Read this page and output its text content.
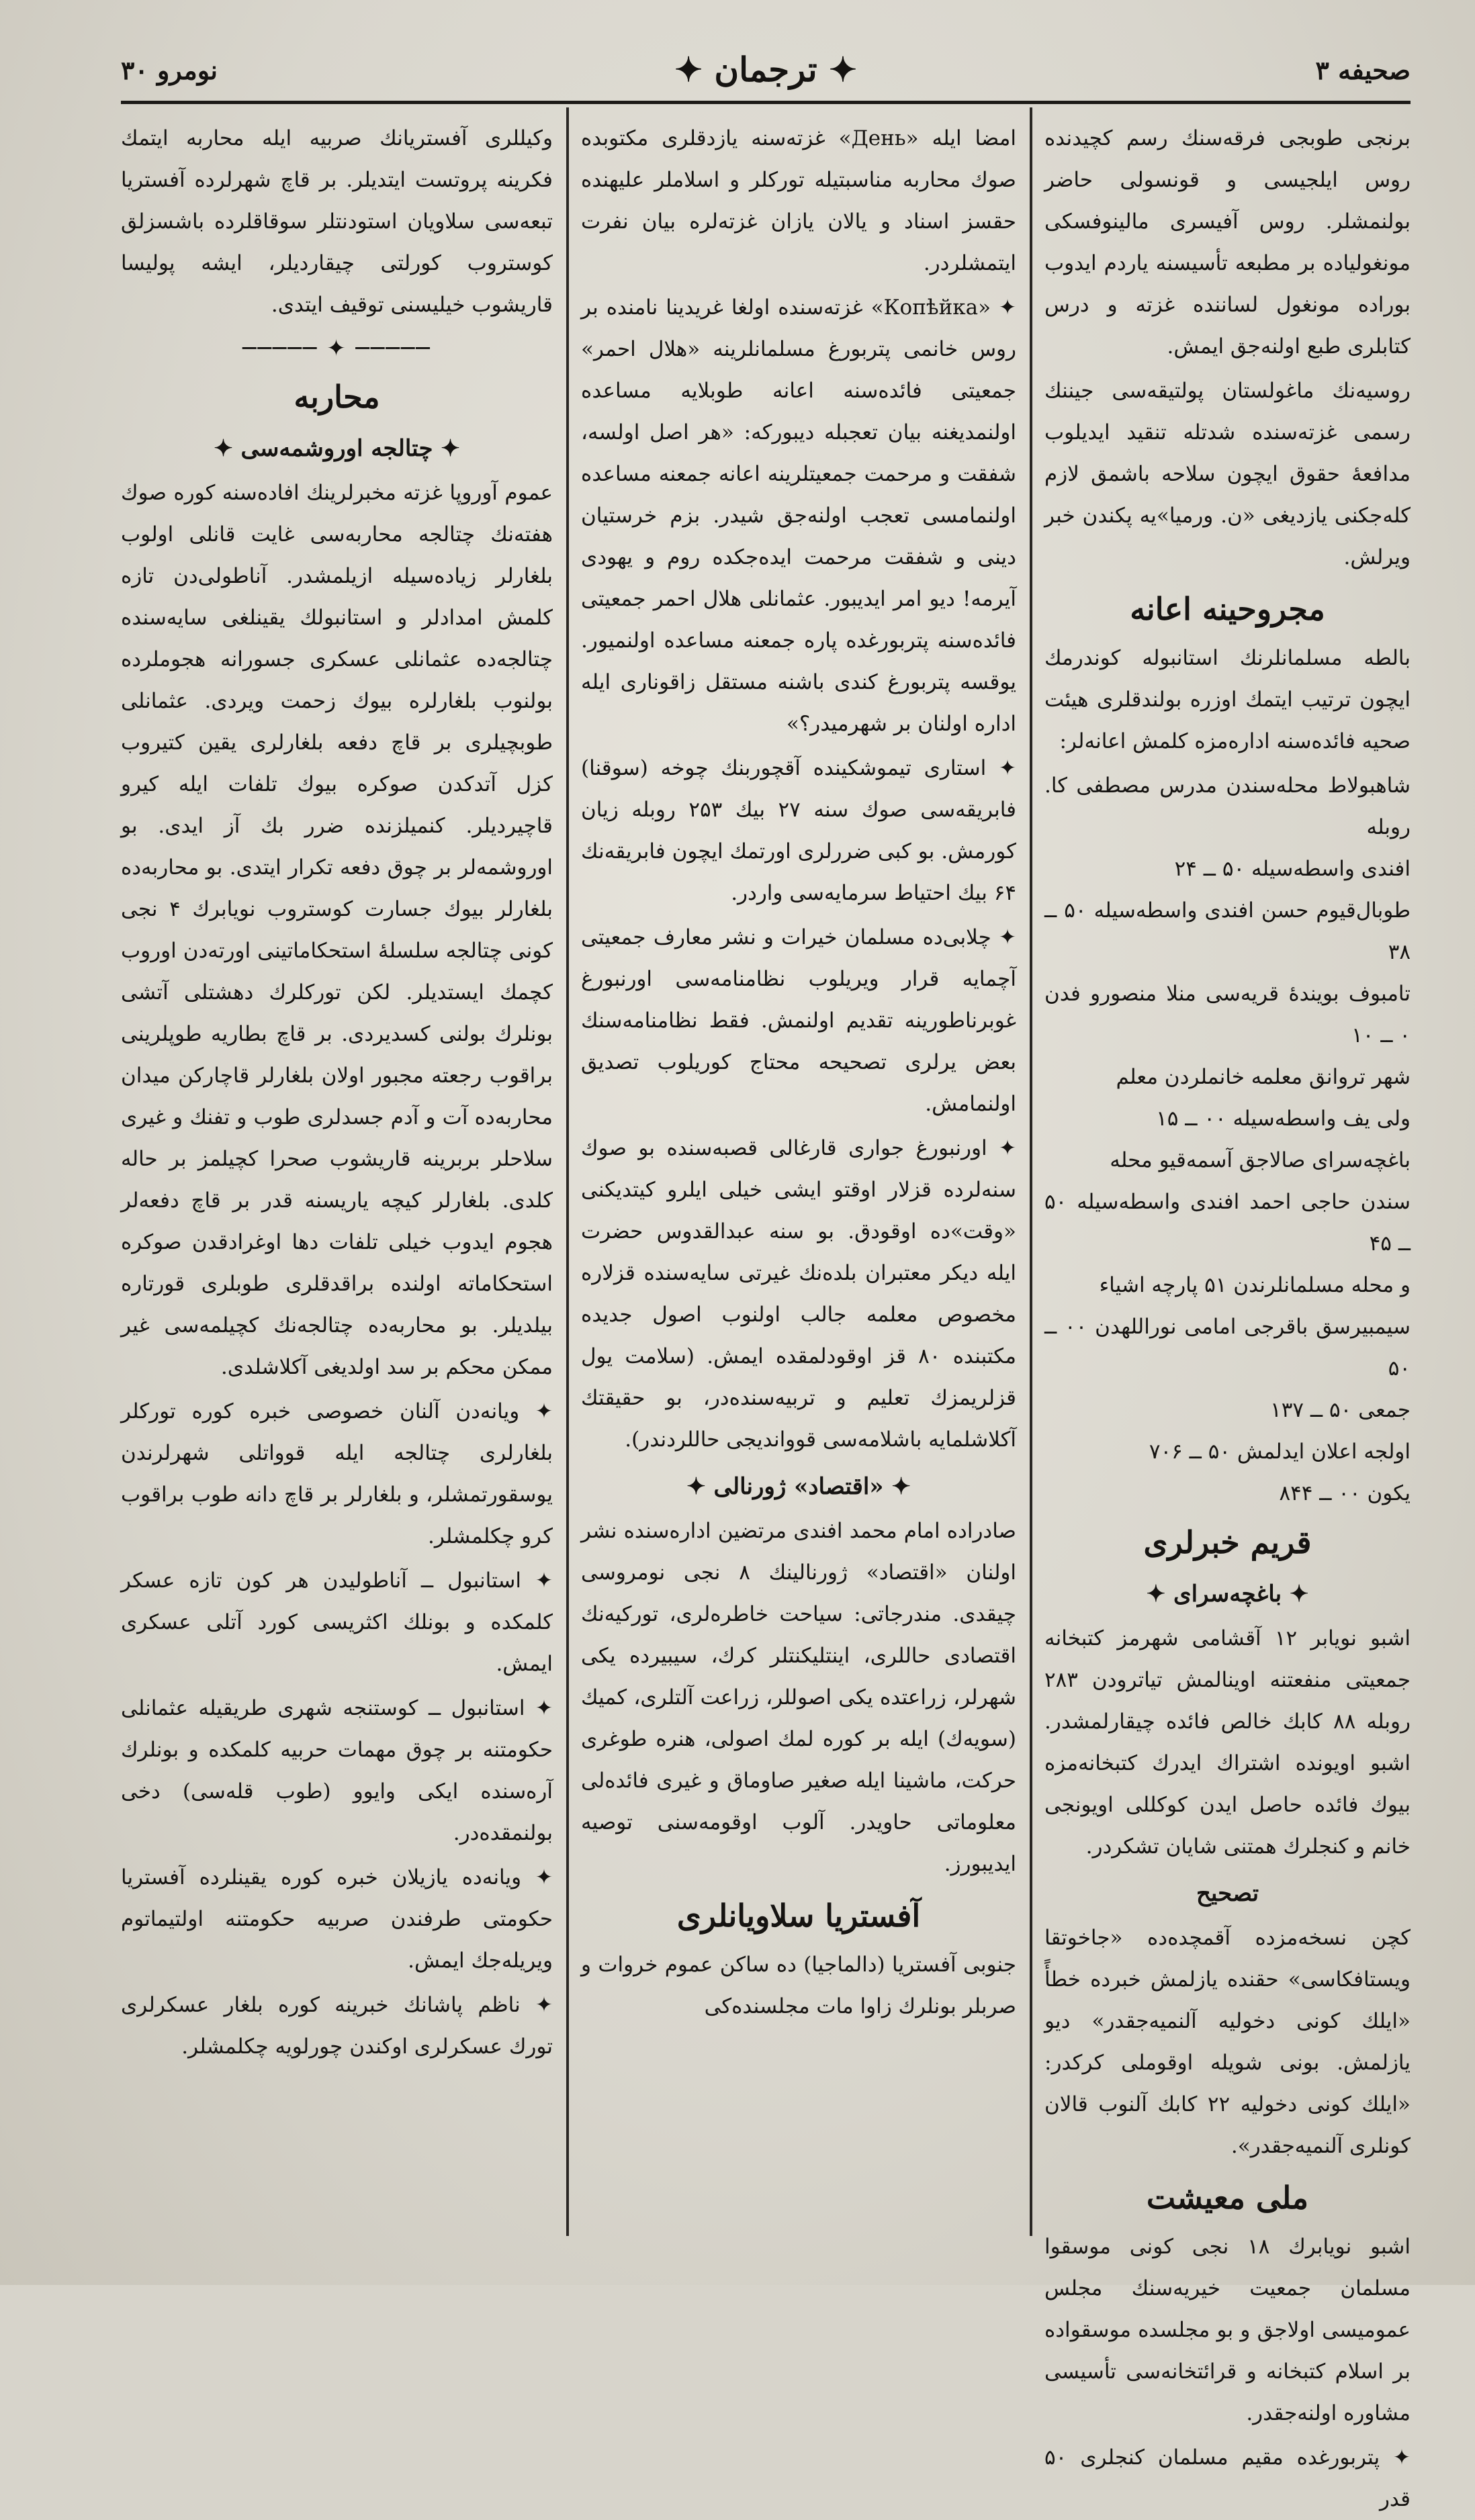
صحیفه ۳
✦ ترجمان ✦
نومرو ۳۰

برنجی طوبجی فرقەسنك رسم کچیدنده روس ایلجیسی و قونسولی حاضر بولنمشلر. روس آفیسری مالینوفسکی مونغولیاده بر مطبعه تأسیسنه یاردم ایدوب بوراده مونغول لساننده غزته و درس کتابلری طبع اولنەجق ایمش.

روسیەنك ماغولستان پولتیقەسی جیننك رسمی غزته‌سنده شدتله تنقید ایدیلوب مدافعهٔ حقوق ایچون سلاحه باشمق لازم کلەجکنی یازدیغی «ن. ورمیا»یه پکندن خبر ویرلش.

مجروحینه اعانه

بالطه مسلمانلرنك استانبوله کوندرمك ایچون ترتیب ایتمك اوزره بولندقلری هیئت صحیه فائده‌سنه اداره‌مزه کلمش اعانه‌لر:

شاهبولاط محله‌سندن مدرس مصطفی کا. روبله
افندی واسطه‌سیله ۵۰ ــ ۲۴
طوبال‌قیوم حسن افندی واسطه‌سیله ۵۰ ــ ۳۸
تامبوف بویندهٔ قریه‌سی منلا منصورو فدن ۰ ــ ۱۰
شهر تروانق معلمه خانملردن معلم
ولی یف واسطه‌سیله ۰۰ ــ ۱۵
باغچه‌سرای صالاجق آسمه‌قیو محله
سندن حاجی احمد افندی واسطه‌سیله ۵۰ ــ ۴۵
و محله مسلمانلرندن ۵۱ پارچه اشیاء
سیمبیرسق باقرجی امامی نوراللهدن ۰۰ ــ ۵۰
جمعی ۵۰ ــ ۱۳۷
اولجه اعلان ایدلمش ۵۰ ــ ۷۰۶
یکون ۰۰ ــ ۸۴۴
قریم خبرلری
✦ باغچه‌سرای ✦

اشبو نویابر ۱۲ آقشامی شهرمز کتبخانه جمعیتی منفعتنه اوینالمش تیاترودن ۲۸۳ روبله ۸۸ کابك خالص فائده چیقارلمشدر. اشبو اویونده اشتراك ایدرك کتبخانه‌مزه بیوك فائده حاصل ایدن کوکللی اویونجی خانم و کنجلرك همتنی شایان تشکردر.

تصحیح

کچن نسخه‌مزده آقمچده‌ده «جاخوتقا ویستافکاسی» حقنده یازلمش خبرده خطأً «ایلك کونی دخولیه آلنمیه‌جقدر» دیو یازلمش. بونی شویله اوقوملی کرکدر: «ایلك کونی دخولیه ۲۲ کابك آلنوب قالان کونلری آلنمیه‌جقدر».

ملی معیشت

اشبو نویابرك ۱۸ نجی کونی موسقوا مسلمان جمعیت خیریه‌سنك مجلس عمومیسی اولاجق و بو مجلسده موسقوا‌ده بر اسلام کتبخانه و قرائتخانه‌سی تأسیسی مشاوره اولنه‌جقدر.

✦ پتربورغده مقیم مسلمان کنجلری ۵۰ قدر

امضا ایله «День» غزته‌سنه یازدقلری مکتوبده صوك محاربه مناسبتیله تورکلر و اسلاملر علیهنده حقسز اسناد و یالان یازان غزته‌لره بیان نفرت ایتمشلردر.

✦ «Копѣйка» غزته‌سنده اولغا غریدینا نامنده بر روس خانمی پتربورغ مسلمانلرینه «هلال احمر» جمعیتی فائده‌سنه اعانه طوبلایه مساعده اولنمدیغنه بیان تعجبله دیبورکه: «هر اصل اولسه، شفقت و مرحمت جمعیتلرینه اعانه جمعنه مساعده اولنمامسی تعجب اولنه‌جق شیدر. بزم خرستیان دینی و شفقت مرحمت ایده‌جکده روم و یهودی آیرمه! دیو امر ایدیبور. عثمانلی هلال احمر جمعیتی فائده‌سنه پتربورغده پاره جمعنه مساعده اولنمیور. یوقسه پتربورغ کندی باشنه مستقل زاقوناری ایله اداره اولنان بر شهرمیدر؟»

✦ استاری تیموشکینده آقچوربنك چوخه (سوقنا) فابریقه‌سی صوك سنه ۲۷ بیك ۲۵۳ روبله زیان کورمش. بو کبی ضررلری اورتمك ایچون فابریقه‌نك ۶۴ بیك احتیاط سرمایه‌سی واردر.

✦ چلابی‌ده مسلمان خیرات و نشر معارف جمعیتی آچمایه قرار ویریلوب نظامنامه‌سی اورنبورغ غوبرناطورینه تقدیم اولنمش. فقط نظامنامه‌سنك بعض یرلری تصحیحه محتاج کوریلوب تصدیق اولنمامش.

✦ اورنبورغ جواری قارغالی قصبه‌سنده بو صوك سنه‌لرده قزلار اوقتو ایشی خیلی ایلرو کیتدیکنی «وقت»ده اوقودق. بو سنه عبدالقدوس حضرت ایله دیکر معتبران بلده‌نك غیرتی سایه‌سنده قزلاره مخصوص معلمه جالب اولنوب اصول جدیده مکتبنده ۸۰ قز اوقودلمقده ایمش. (سلامت یول قزلریمزك تعلیم و تربیه‌سنده‌در، بو حقیقتك آکلاشلمایه باشلامه‌سی قوواندیجی حاللردندر).

✦ «اقتصاد» ژورنالی ✦

صادراده امام محمد افندی مرتضین اداره‌سنده نشر اولنان «اقتصاد» ژورنالینك ۸ نجی نومروسی چیقدی. مندرجاتی: سیاحت خاطره‌لری، تورکیه‌نك اقتصادی حاللری، اینتلیکنتلر کرك، سیبیرده یکی شهرلر، زراعتده یکی اصوللر، زراعت آلتلری، کمیك (سویه‌ك) ایله بر کوره لمك اصولی، هنره طوغری حرکت، ماشینا ایله صغیر صاوماق و غیری فائده‌لی معلوماتی حاویدر. آلوب اوقومه‌سنی توصیه ایدیبورز.

آفستریا سلاویانلری

جنوبی آفستریا (دالماجیا) ده ساکن عموم خروات و صربلر بونلرك زاوا مات مجلسنده‌کی

وکیللری آفستریانك صربیه ایله محاربه ایتمك فکرینه پروتست ایتدیلر. بر قاچ شهرلرده آفستریا تبعه‌سی سلاویان استودنتلر سوقاقلرده باشسزلق کوستروب کورلتی چیقاردیلر، ایشه پولیسا قاریشوب خیلیسنی توقیف ایتدی.

───── ✦ ─────
محاربه
✦ چتالجه اوروشمه‌سی ✦

عموم آوروپا غزته مخبرلرینك افاده‌سنه کوره صوك هفته‌نك چتالجه محاربه‌سی غایت قانلی اولوب بلغارلر زیاده‌سیله ازیلمشدر. آناطولی‌دن تازه کلمش امدادلر و استانبولك یقینلغی سایه‌سنده چتالجه‌ده عثمانلی عسکری جسورانه هجوملرده بولنوب بلغارلره بیوك زحمت ویردی. عثمانلی طوبچیلری بر قاچ دفعه بلغارلری یقین کتیروب کزل آتدکدن صوکره بیوك تلفات ایله کیرو قاچیردیلر. کنمیلزنده ضرر بك آز ایدی. بو اوروشمه‌لر بر چوق دفعه تکرار ایتدی. بو محاربه‌ده بلغارلر بیوك جسارت کوستروب نویابرك ۴ نجی کونی چتالجه سلسلهٔ استحکاماتینی اورته‌دن اوروب کچمك ایستدیلر. لکن تورکلرك دهشتلی آتشی بونلرك بولنی کسدیردی. بر قاچ بطاریه طوپلرینی براقوب رجعته مجبور اولان بلغارلر قاچارکن میدان محاربه‌ده آت و آدم جسدلری طوب و تفنك و غیری سلاحلر بربرینه قاریشوب صحرا کچیلمز بر حاله کلدی. بلغارلر کیچه یاریسنه قدر بر قاچ دفعه‌لر هجوم ایدوب خیلی تلفات دها اوغرادقدن صوکره استحکاماته اولنده براقدقلری طوبلری قورتاره بیلدیلر. بو محاربه‌ده چتالجه‌نك کچیلمه‌سی غیر ممکن محکم بر سد اولدیغی آکلاشلدی.

✦ ویانه‌دن آلنان خصوصی خبره کوره تورکلر بلغارلری چتالجه ایله قوواتلی شهرلرندن یوسقورتمشلر، و بلغارلر بر قاچ دانه طوب براقوب کرو چکلمشلر.

✦ استانبول ــ آناطولیدن هر کون تازه عسکر کلمکده و بونلك اکثریسی کورد آتلی عسکری ایمش.

✦ استانبول ــ کوستنجه شهری طریقیله عثمانلی حکومتنه بر چوق مهمات حربیه کلمکده و بونلرك آره‌سنده ایکی وایوو (طوب قله‌سی) دخی بولنمقده‌در.

✦ ویانه‌ده یازیلان خبره کوره یقینلرده آفستریا حکومتی طرفندن صربیه حکومتنه اولتیماتوم ویریله‌جك ایمش.

✦ ناظم پاشانك خبرینه کوره بلغار عسکرلری تورك عسکرلری اوکندن چورلویه چکلمشلر.
